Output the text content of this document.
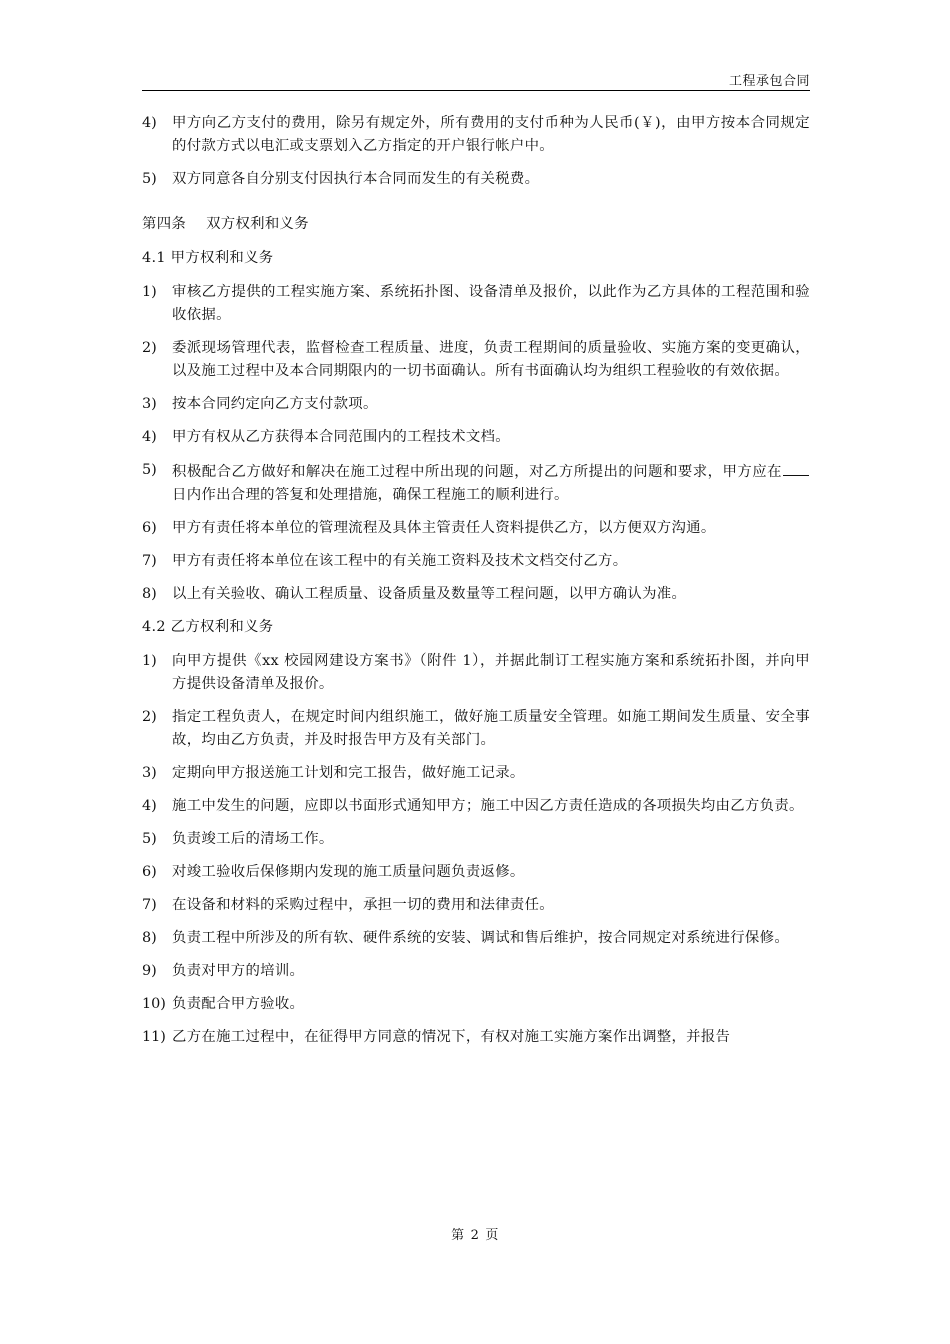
工程承包合同
4)	甲方向乙方支付的费用，除另有规定外，所有费用的支付币种为人民币(￥)，由甲方按本合同规定的付款方式以电汇或支票划入乙方指定的开户银行帐户中。
5)	双方同意各自分别支付因执行本合同而发生的有关税费。
第四条 双方权利和义务
4.1 甲方权利和义务
1)	审核乙方提供的工程实施方案、系统拓扑图、设备清单及报价，以此作为乙方具体的工程范围和验收依据。
2)	委派现场管理代表，监督检查工程质量、进度，负责工程期间的质量验收、实施方案的变更确认，以及施工过程中及本合同期限内的一切书面确认。所有书面确认均为组织工程验收的有效依据。
3)	按本合同约定向乙方支付款项。
4)	甲方有权从乙方获得本合同范围内的工程技术文档。
5)	积极配合乙方做好和解决在施工过程中所出现的问题，对乙方所提出的问题和要求，甲方应在日内作出合理的答复和处理措施，确保工程施工的顺利进行。
6)	甲方有责任将本单位的管理流程及具体主管责任人资料提供乙方，以方便双方沟通。
7)	甲方有责任将本单位在该工程中的有关施工资料及技术文档交付乙方。
8)	以上有关验收、确认工程质量、设备质量及数量等工程问题，以甲方确认为准。
4.2 乙方权利和义务
1)	向甲方提供《xx 校园网建设方案书》（附件 1），并据此制订工程实施方案和系统拓扑图，并向甲方提供设备清单及报价。
2)	指定工程负责人，在规定时间内组织施工，做好施工质量安全管理。如施工期间发生质量、安全事故，均由乙方负责，并及时报告甲方及有关部门。
3)	定期向甲方报送施工计划和完工报告，做好施工记录。
4)	施工中发生的问题，应即以书面形式通知甲方；施工中因乙方责任造成的各项损失均由乙方负责。
5)	负责竣工后的清场工作。
6)	对竣工验收后保修期内发现的施工质量问题负责返修。
7)	在设备和材料的采购过程中，承担一切的费用和法律责任。
8)	负责工程中所涉及的所有软、硬件系统的安装、调试和售后维护，按合同规定对系统进行保修。
9)	负责对甲方的培训。
10) 负责配合甲方验收。
11) 乙方在施工过程中，在征得甲方同意的情况下，有权对施工实施方案作出调整，并报告
第 2 页
